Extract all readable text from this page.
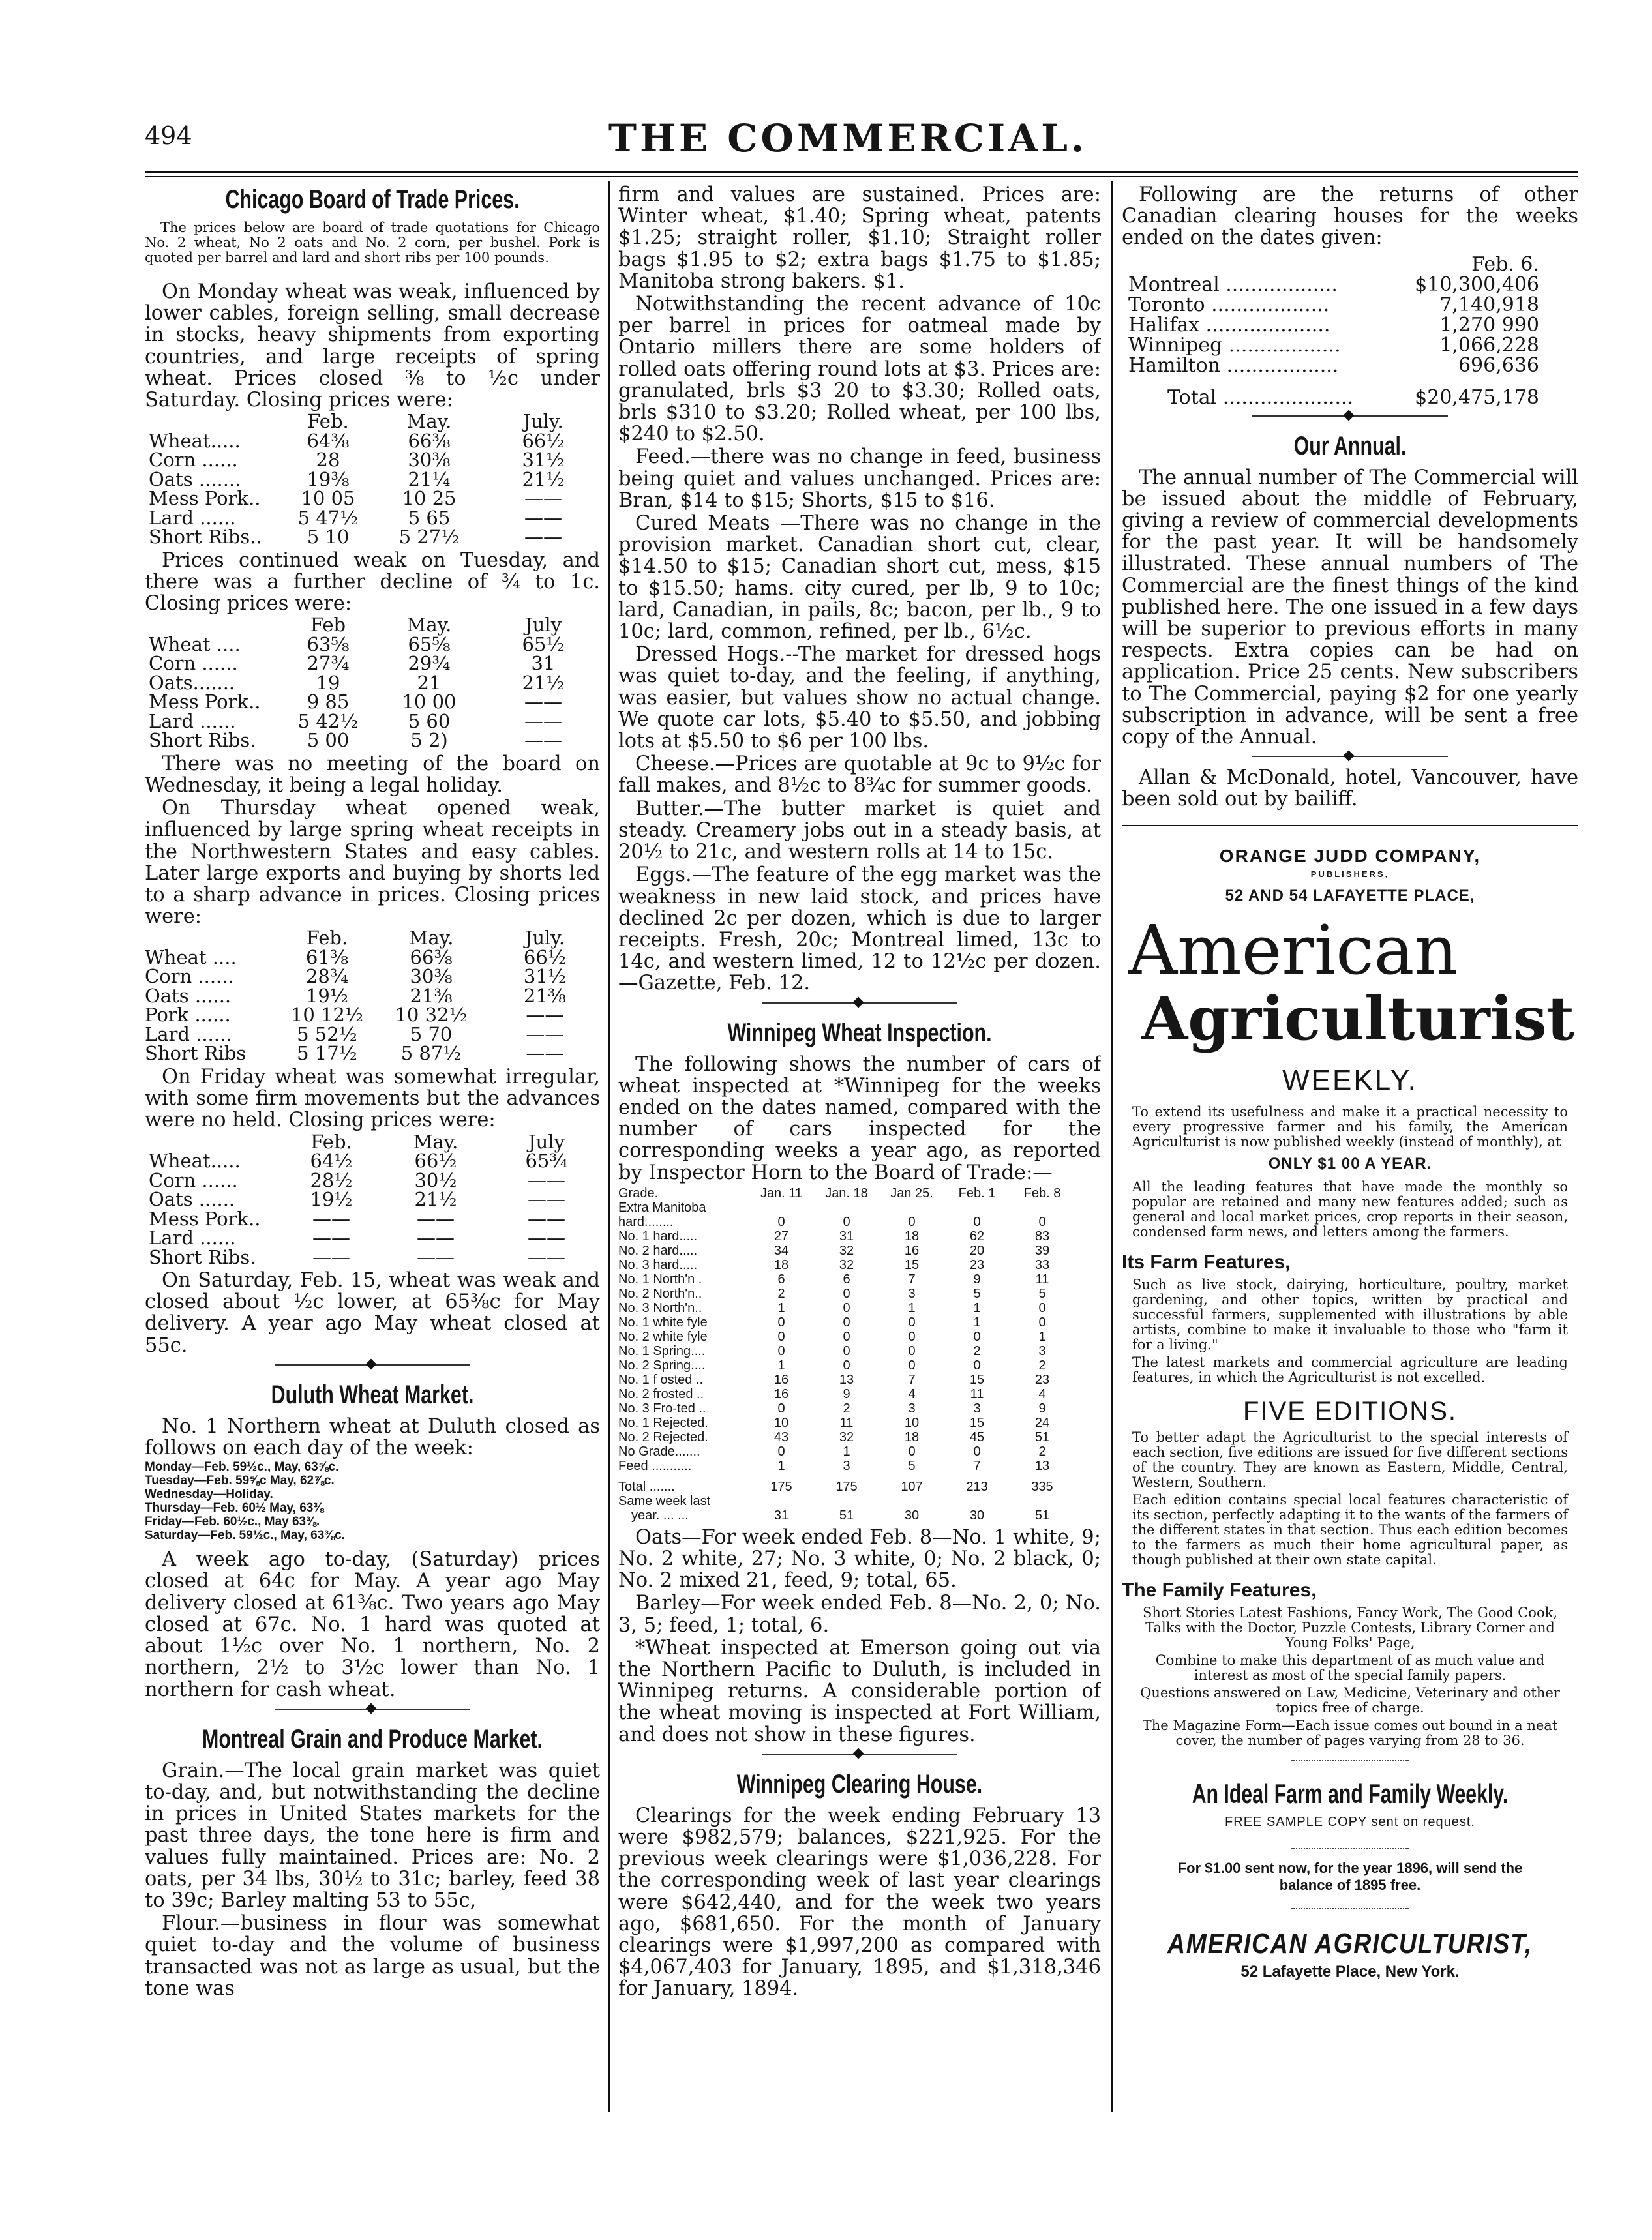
494	THE COMMERCIAL.
Chicago Board of Trade Prices.

The prices below are board of trade quotations for Chicago No. 2 wheat, No 2 oats and No. 2 corn, per bushel. Pork is quoted per barrel and lard and short ribs per 100 pounds.

On Monday wheat was weak, influenced by lower cables, foreign selling, small decrease in stocks, heavy shipments from exporting countries, and large receipts of spring wheat. Prices closed ⅜ to ½c under Saturday. Closing prices were:

	Feb.	May.	July.
Wheat.....	64⅜	66⅜	66½
Corn ......	28	30⅜	31½
Oats .......	19⅜	21¼	21½
Mess Pork..	10 05	10 25	——
Lard ......	5 47½	5 65	——
Short Ribs..	5 10	5 27½	——

Prices continued weak on Tuesday, and there was a further decline of ¾ to 1c. Closing prices were:

	Feb	May.	July
Wheat ....	63⅝	65⅝	65½
Corn ......	27¾	29¾	31
Oats.......	19	21	21½
Mess Pork..	9 85	10 00	——
Lard ......	5 42½	5 60	——
Short Ribs.	5 00	5 2)	——

There was no meeting of the board on Wednesday, it being a legal holiday.

On Thursday wheat opened weak, influenced by large spring wheat receipts in the Northwestern States and easy cables. Later large exports and buying by shorts led to a sharp advance in prices. Closing prices were:

	Feb.	May.	July.
Wheat ....	61⅜	66⅜	66½
Corn ......	28¾	30⅜	31½
Oats ......	19½	21⅜	21⅜
Pork ......	10 12½	10 32½	——
Lard ......	5 52½	5 70	——
Short Ribs	5 17½	5 87½	——

On Friday wheat was somewhat irregular, with some firm movements but the advances were no held. Closing prices were:

	Feb.	May.	July
Wheat.....	64½	66½	65¾
Corn ......	28½	30½	——
Oats ......	19½	21½	——
Mess Pork..	——	——	——
Lard ......	——	——	——
Short Ribs.	——	——	——

On Saturday, Feb. 15, wheat was weak and closed about ½c lower, at 65⅜c for May delivery. A year ago May wheat closed at 55c.

Duluth Wheat Market.

No. 1 Northern wheat at Duluth closed as follows on each day of the week:

Monday—Feb. 59½c., May, 63⅝c.
Tuesday—Feb. 59⅝c May, 62⅞c.
Wednesday—Holiday.
Thursday—Feb. 60½ May, 63⅜
Friday—Feb. 60½c., May 63⅜.
Saturday—Feb. 59½c., May, 63⅜c.

A week ago to-day, (Saturday) prices closed at 64c for May. A year ago May delivery closed at 61⅜c. Two years ago May closed at 67c. No. 1 hard was quoted at about 1½c over No. 1 northern, No. 2 northern, 2½ to 3½c lower than No. 1 northern for cash wheat.

Montreal Grain and Produce Market.

Grain.—The local grain market was quiet to-day, and, but notwithstanding the decline in prices in United States markets for the past three days, the tone here is firm and values fully maintained. Prices are: No. 2 oats, per 34 lbs, 30½ to 31c; barley, feed 38 to 39c; Barley malting 53 to 55c,

Flour.—business in flour was somewhat quiet to-day and the volume of business transacted was not as large as usual, but the tone was

firm and values are sustained. Prices are: Winter wheat, $1.40; Spring wheat, patents $1.25; straight roller, $1.10; Straight roller bags $1.95 to $2; extra bags $1.75 to $1.85; Manitoba strong bakers. $1.

Notwithstanding the recent advance of 10c per barrel in prices for oatmeal made by Ontario millers there are some holders of rolled oats offering round lots at $3. Prices are: granulated, brls $3 20 to $3.30; Rolled oats, brls $310 to $3.20; Rolled wheat, per 100 lbs, $240 to $2.50.

Feed.—there was no change in feed, business being quiet and values unchanged. Prices are: Bran, $14 to $15; Shorts, $15 to $16.

Cured Meats —There was no change in the provision market. Canadian short cut, clear, $14.50 to $15; Canadian short cut, mess, $15 to $15.50; hams. city cured, per lb, 9 to 10c; lard, Canadian, in pails, 8c; bacon, per lb., 9 to 10c; lard, common, refined, per lb., 6½c.

Dressed Hogs.--The market for dressed hogs was quiet to-day, and the feeling, if anything, was easier, but values show no actual change. We quote car lots, $5.40 to $5.50, and jobbing lots at $5.50 to $6 per 100 lbs.

Cheese.—Prices are quotable at 9c to 9½c for fall makes, and 8½c to 8¾c for summer goods.

Butter.—The butter market is quiet and steady. Creamery jobs out in a steady basis, at 20½ to 21c, and western rolls at 14 to 15c.

Eggs.—The feature of the egg market was the weakness in new laid stock, and prices have declined 2c per dozen, which is due to larger receipts. Fresh, 20c; Montreal limed, 13c to 14c, and western limed, 12 to 12½c per dozen.—Gazette, Feb. 12.

Winnipeg Wheat Inspection.

The following shows the number of cars of wheat inspected at *Winnipeg for the weeks ended on the dates named, compared with the number of cars inspected for the corresponding weeks a year ago, as reported by Inspector Horn to the Board of Trade:—

Grade.	Jan. 11	Jan. 18	Jan 25.	Feb. 1	Feb. 8
Extra Manitoba					
hard........	0	0	0	0	0
No. 1 hard.....	27	31	18	62	83
No. 2 hard.....	34	32	16	20	39
No. 3 hard.....	18	32	15	23	33
No. 1 North'n .	6	6	7	9	11
No. 2 North'n..	2	0	3	5	5
No. 3 North'n..	1	0	1	1	0
No. 1 white fyle	0	0	0	1	0
No. 2 white fyle	0	0	0	0	1
No. 1 Spring....	0	0	0	2	3
No. 2 Spring....	1	0	0	0	2
No. 1 f osted ..	16	13	7	15	23
No. 2 frosted ..	16	9	4	11	4
No. 3 Fro-ted ..	0	2	3	3	9
No. 1 Rejected.	10	11	10	15	24
No. 2 Rejected.	43	32	18	45	51
No Grade.......	0	1	0	0	2
Feed ...........	1	3	5	7	13
Total .......	175	175	107	213	335
Same week last					
year. ... ...	31	51	30	30	51

Oats—For week ended Feb. 8—No. 1 white, 9; No. 2 white, 27; No. 3 white, 0; No. 2 black, 0; No. 2 mixed 21, feed, 9; total, 65.

Barley—For week ended Feb. 8—No. 2, 0; No. 3, 5; feed, 1; total, 6.

*Wheat inspected at Emerson going out via the Northern Pacific to Duluth, is included in Winnipeg returns. A considerable portion of the wheat moving is inspected at Fort William, and does not show in these figures.

Winnipeg Clearing House.

Clearings for the week ending February 13 were $982,579; balances, $221,925. For the previous week clearings were $1,036,228. For the corresponding week of last year clearings were $642,440, and for the week two years ago, $681,650. For the month of January clearings were $1,997,200 as compared with $4,067,403 for January, 1895, and $1,318,346 for January, 1894.

Following are the returns of other Canadian clearing houses for the weeks ended on the dates given:

	Feb. 6.
Montreal ..................	$10,300,406
Toronto ...................	7,140,918
Halifax ....................	1,270 990
Winnipeg ..................	1,066,228
Hamilton ..................	696,636

Total .....................	$20,475,178
Our Annual.

The annual number of The Commercial will be issued about the middle of February, giving a review of commercial developments for the past year. It will be handsomely illustrated. These annual numbers of The Commercial are the finest things of the kind published here. The one issued in a few days will be superior to previous efforts in many respects. Extra copies can be had on application. Price 25 cents. New subscribers to The Commercial, paying $2 for one yearly subscription in advance, will be sent a free copy of the Annual.

Allan & McDonald, hotel, Vancouver, have been sold out by bailiff.

ORANGE JUDD COMPANY,
PUBLISHERS,
52 AND 54 LAFAYETTE PLACE,
American
Agriculturist
WEEKLY.
To extend its usefulness and make it a practical necessity to every progressive farmer and his family, the American Agriculturist is now published weekly (instead of monthly), at
ONLY $1 00 A YEAR.
All the leading features that have made the monthly so popular are retained and many new features added; such as general and local market prices, crop reports in their season, condensed farm news, and letters among the farmers.
Its Farm Features,
Such as live stock, dairying, horticulture, poultry, market gardening, and other topics, written by practical and successful farmers, supplemented with illustrations by able artists, combine to make it invaluable to those who "farm it for a living."
The latest markets and commercial agriculture are leading features, in which the Agriculturist is not excelled.
FIVE EDITIONS.
To better adapt the Agriculturist to the special interests of each section, five editions are issued for five different sections of the country. They are known as Eastern, Middle, Central, Western, Southern.
Each edition contains special local features characteristic of its section, perfectly adapting it to the wants of the farmers of the different states in that section. Thus each edition becomes to the farmers as much their home agricultural paper, as though published at their own state capital.
The Family Features,
Short Stories Latest Fashions, Fancy Work, The Good Cook, Talks with the Doctor, Puzzle Contests, Library Corner and Young Folks' Page,
Combine to make this department of as much value and interest as most of the special family papers.
Questions answered on Law, Medicine, Veterinary and other topics free of charge.
The Magazine Form—Each issue comes out bound in a neat cover, the number of pages varying from 28 to 36.
An Ideal Farm and Family Weekly.
FREE SAMPLE COPY sent on request.
For $1.00 sent now, for the year 1896, will send the
balance of 1895 free.
AMERICAN AGRICULTURIST,
52 Lafayette Place, New York.
